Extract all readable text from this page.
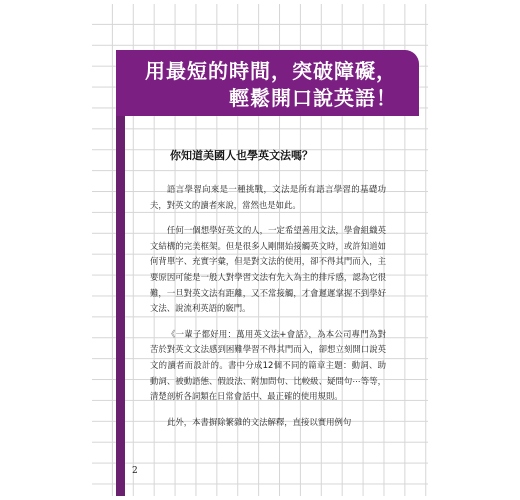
用最短的時間，突破障礙，
輕鬆開口說英語！
你知道美國人也學英文法嗎？

語言學習向來是一種挑戰，文法是所有語言學習的基礎功夫，對英文的讀者來說，當然也是如此。

任何一個想學好英文的人，一定希望善用文法，學會組織英文結構的完美框架。但是很多人剛開始接觸英文時，或許知道如何背單字、充實字彙，但是對文法的使用，卻不得其門而入，主要原因可能是一般人對學習文法有先入為主的排斥感，認為它很難，一旦對英文法有距離，又不常接觸，才會遲遲掌握不到學好文法、說流利英語的竅門。

《一輩子都好用：萬用英文法+會話》，為本公司專門為對苦於對英文文法感到困難學習不得其門而入，卻想立刻開口說英文的讀者而設計的。書中分成12個不同的篇章主題：動詞、助動詞、被動語態、假設法、附加問句、比較級、疑問句⋯等等，清楚剖析各詞類在日常會話中、最正確的使用規則。

此外，本書摒除繁雜的文法解釋，直接以實用例句

2
